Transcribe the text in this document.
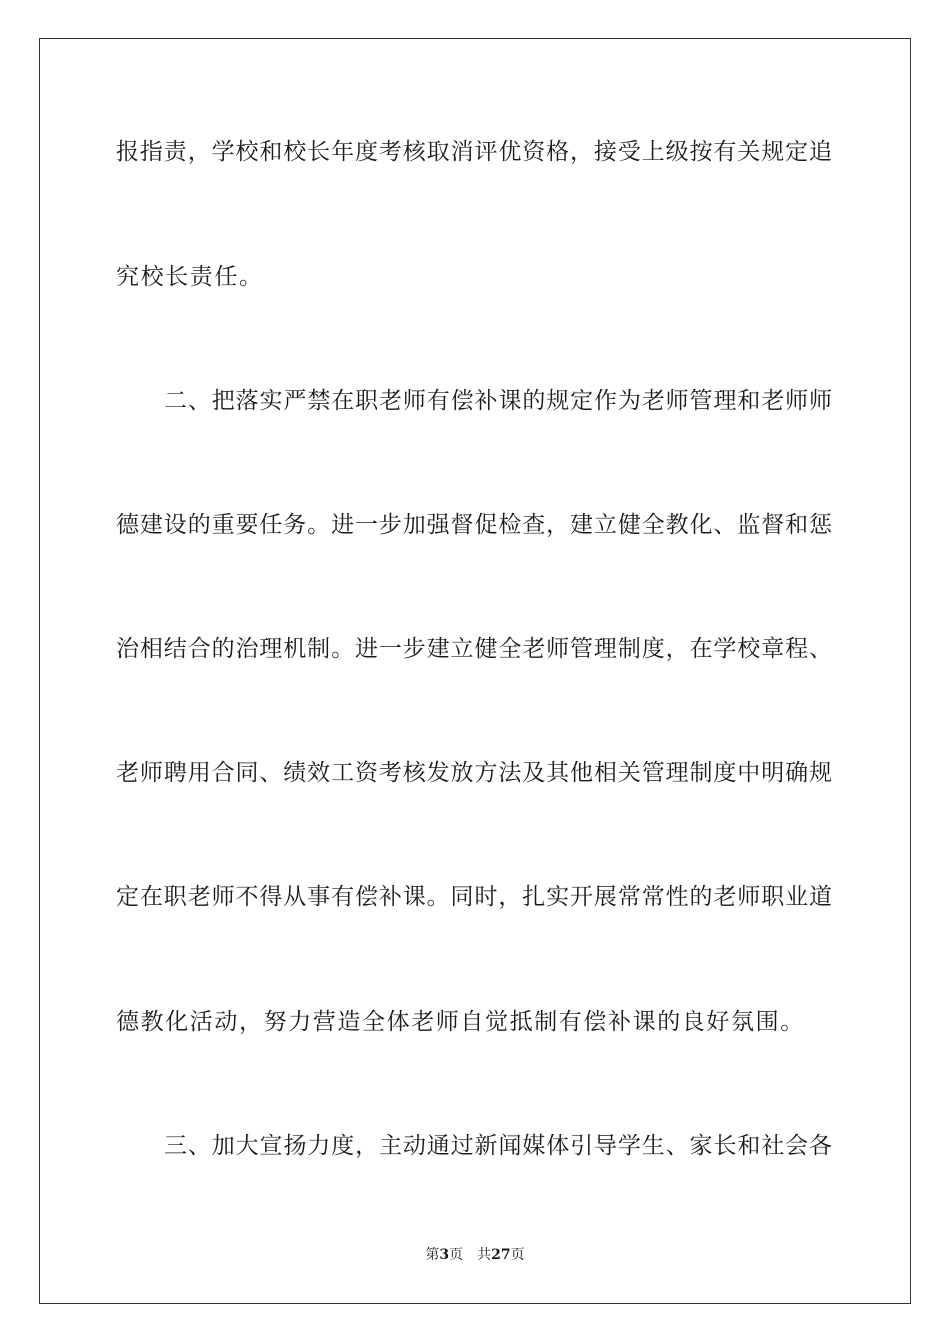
报指责，学校和校长年度考核取消评优资格，接受上级按有关规定追
究校长责任。
二、把落实严禁在职老师有偿补课的规定作为老师管理和老师师
德建设的重要任务。进一步加强督促检查，建立健全教化、监督和惩
治相结合的治理机制。进一步建立健全老师管理制度，在学校章程、
老师聘用合同、绩效工资考核发放方法及其他相关管理制度中明确规
定在职老师不得从事有偿补课。同时，扎实开展常常性的老师职业道
德教化活动，努力营造全体老师自觉抵制有偿补课的良好氛围。
三、加大宣扬力度，主动通过新闻媒体引导学生、家长和社会各
第3页 共27页
